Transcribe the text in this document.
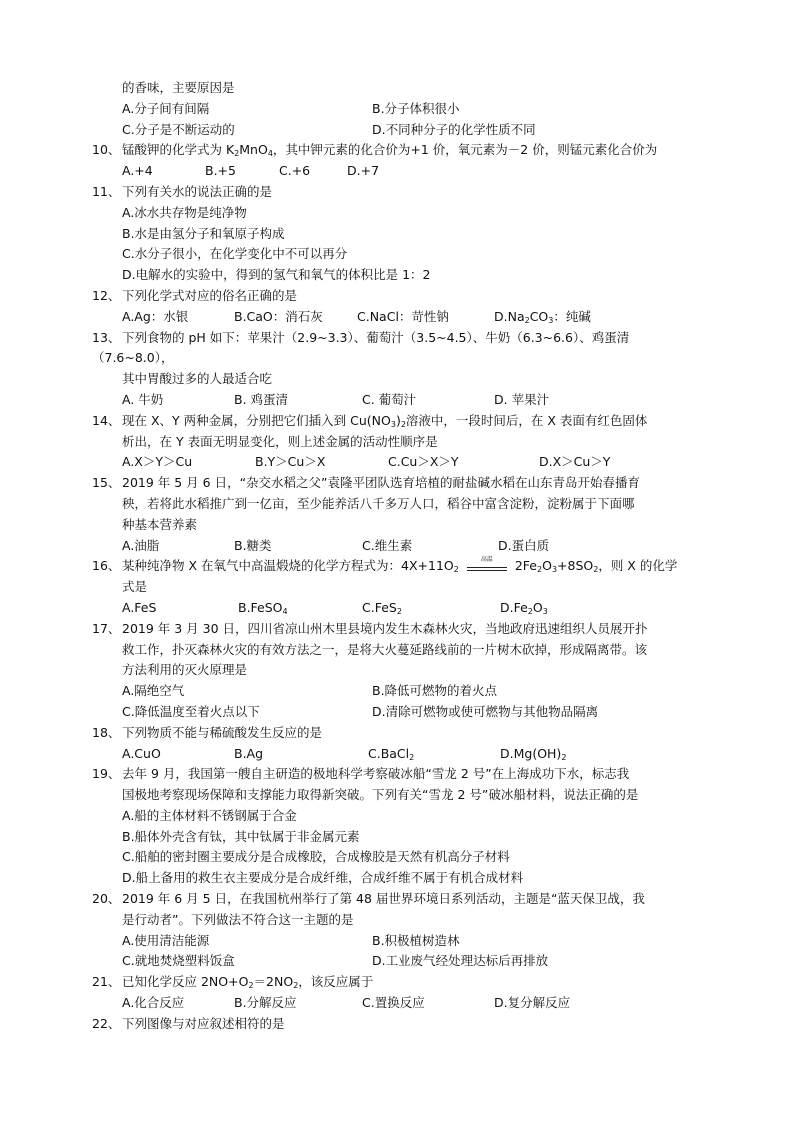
的香味，主要原因是
A.分子间有间隔	B.分子体积很小
C.分子是不断运动的	D.不同种分子的化学性质不同
10、 锰酸钾的化学式为 $K_2MnO_4$，其中钾元素的化合价为+1 价，氧元素为－2 价，则锰元素化合价为
A.+4	B.+5	C.+6	D.+7
11、 下列有关水的说法正确的是
A.冰水共存物是纯净物
B.水是由氢分子和氧原子构成
C.水分子很小，在化学变化中不可以再分
D.电解水的实验中，得到的氢气和氧气的体积比是 1：2
12、 下列化学式对应的俗名正确的是
A.Ag：水银	B.CaO：消石灰	C.NaCl：苛性钠	$D.Na_2CO_3$：纯碱
13、 下列食物的 pH 如下：苹果汁（2.9~3.3）、葡萄汁（3.5~4.5）、牛奶（6.3~6.6）、鸡蛋清
（7.6~8.0），
其中胃酸过多的人最适合吃
A. 牛奶	B. 鸡蛋清	C. 葡萄汁	D. 苹果汁
14、 现在 X、Y 两种金属，分别把它们插入到 $Cu(NO_3)_2$溶液中，一段时间后，在 X 表面有红色固体
析出，在 Y 表面无明显变化，则上述金属的活动性顺序是
A.X＞Y＞Cu	B.Y＞Cu＞X	C.Cu＞X＞Y	D.X＞Cu＞Y
15、 2019 年 5 月 6 日，“杂交水稻之父”袁隆平团队选育培植的耐盐碱水稻在山东青岛开始春播育
秧，若将此水稻推广到一亿亩，至少能养活八千多万人口，稻谷中富含淀粉，淀粉属于下面哪
种基本营养素
A.油脂	B.糖类	C.维生素	D.蛋白质
16、 某种纯净物 X 在氧气中高温煅烧的化学方程式为：$4X+11O_2$
高温	$2Fe_2O_3+8SO_2$，则 X 的化学
式是
A.FeS	B.FeSO$_4$	C.FeS$_2$	$D.Fe_2O_3$
17、 2019 年 3 月 30 日，四川省凉山州木里县境内发生木森林火灾，当地政府迅速组织人员展开扑
救工作，扑灭森林火灾的有效方法之一，是将大火蔓延路线前的一片树木砍掉，形成隔离带。该
方法利用的灭火原理是
A.隔绝空气	B.降低可燃物的着火点
C.降低温度至着火点以下	D.清除可燃物或使可燃物与其他物品隔离
18、 下列物质不能与稀硫酸发生反应的是
A.CuO	B.Ag	C.BaCl$_2$	$D.Mg(OH)_2$
19、 去年 9 月，我国第一艘自主研造的极地科学考察破冰船“雪龙 2 号”在上海成功下水，标志我
国极地考察现场保障和支撑能力取得新突破。下列有关“雪龙 2 号”破冰船材料，说法正确的是
A.船的主体材料不锈钢属于合金
B.船体外壳含有钛，其中钛属于非金属元素
C.船舶的密封圈主要成分是合成橡胶，合成橡胶是天然有机高分子材料
D.船上备用的救生衣主要成分是合成纤维，合成纤维不属于有机合成材料
20、 2019 年 6 月 5 日，在我国杭州举行了第 48 届世界环境日系列活动，主题是“蓝天保卫战，我
是行动者”。下列做法不符合这一主题的是
A.使用清洁能源	B.积极植树造林
C.就地焚烧塑料饭盒	D.工业废气经处理达标后再排放
21、 已知化学反应 $2NO+O_2=2NO_2$，该反应属于
A.化合反应	B.分解反应	C.置换反应	D.复分解反应
22、 下列图像与对应叙述相符的是
